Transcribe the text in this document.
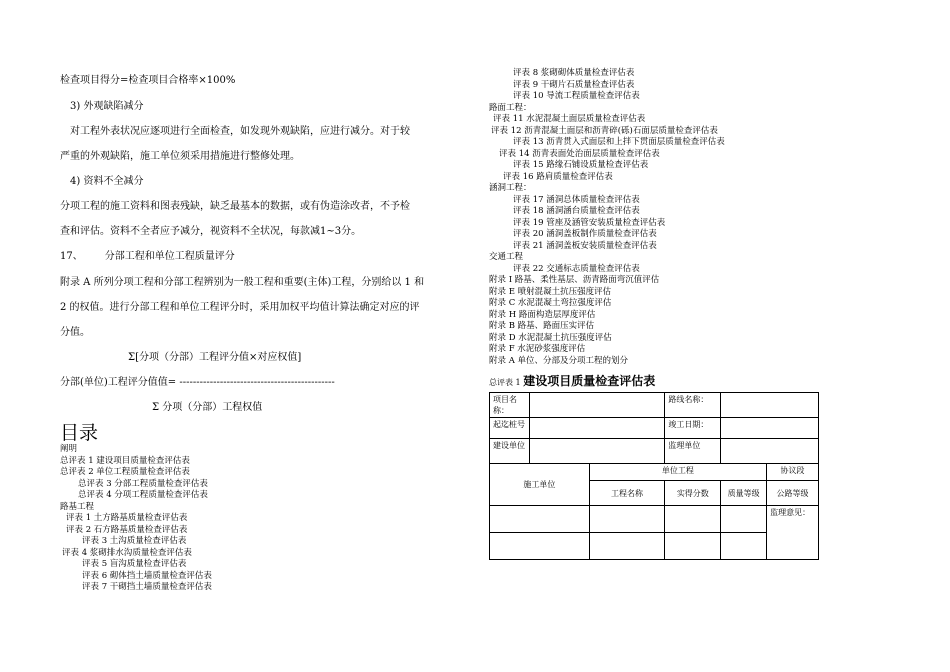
检查项目得分=检查项目合格率×100%
3) 外观缺陷减分
对工程外表状况应逐项进行全面检查，如发现外观缺陷，应进行减分。对于较
严重的外观缺陷，施工单位须采用措施进行整修处理。
4) 资料不全减分
分项工程的施工资料和图表残缺，缺乏最基本的数据，或有伪造涂改者，不予检
查和评估。资料不全者应予减分，视资料不全状况，每款减1~3分。
17、 分部工程和单位工程质量评分
附录 A 所列分项工程和分部工程辨别为一般工程和重要(主体)工程，分别给以 1 和
2 的权值。进行分部工程和单位工程评分时，采用加权平均值计算法确定对应的评
分值。
Σ[分项（分部）工程评分值×对应权值]
分部(单位)工程评分值值= ----------------------------------------------
Σ 分项（分部）工程权值
目录
阐明
总评表 1 建设项目质量检查评估表
总评表 2 单位工程质量检查评估表
总评表 3 分部工程质量检查评估表
总评表 4 分项工程质量检查评估表
路基工程
评表 1 土方路基质量检查评估表
评表 2 石方路基质量检查评估表
评表 3 土沟质量检查评估表
评表 4 浆砌排水沟质量检查评估表
评表 5 盲沟质量检查评估表
评表 6 砌体挡土墙质量检查评估表
评表 7 干砌挡土墙质量检查评估表
评表 8 浆砌砌体质量检查评估表
评表 9 干砌片石质量检查评估表
评表 10 导流工程质量检查评估表
路面工程：
评表 11 水泥混凝土面层质量检查评估表
评表 12 沥青混凝土面层和沥青碎(砾)石面层质量检查评估表
评表 13 沥青贯入式面层和上拌下贯面层质量检查评估表
评表 14 沥青表面处治面层质量检查评估表
评表 15 路缘石铺设质量检查评估表
评表 16 路肩质量检查评估表
涵洞工程：
评表 17 涵洞总体质量检查评估表
评表 18 涵洞涵台质量检查评估表
评表 19 管座及涵管安装质量检查评估表
评表 20 涵洞盖板制作质量检查评估表
评表 21 涵洞盖板安装质量检查评估表
交通工程
评表 22 交通标志质量检查评估表
附录 I 路基、柔性基层、沥青路面弯沉值评估
附录 E 喷射混凝土抗压强度评估
附录 C 水泥混凝土弯拉强度评估
附录 H 路面构造层厚度评估
附录 B 路基、路面压实评估
附录 D 水泥混凝土抗压强度评估
附录 F 水泥砂浆强度评估
附录 A 单位、分部及分项工程的划分
总评表 1 建设项目质量检查评估表
项目名称：			路线名称：		
起迄桩号			竣工日期：		
建设单位			监理单位		
施工单位		单位工程			协议段
		工程名称	实得分数	质量等级	公路等级
					监理意见：
